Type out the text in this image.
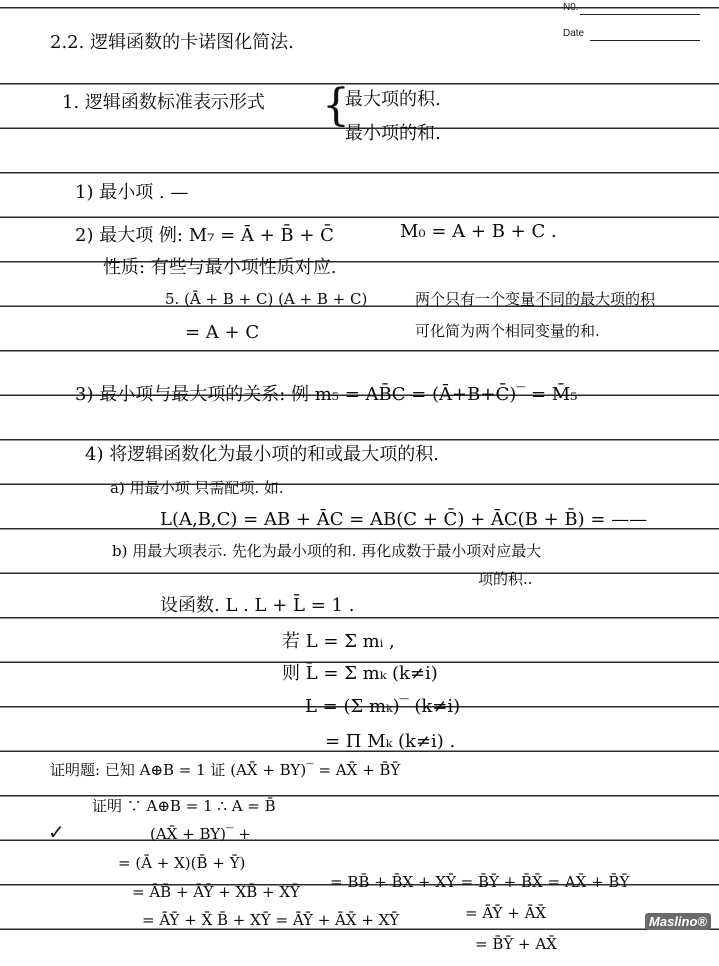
N0.
Date
2.2. 逻辑函数的卡诺图化简法.
1. 逻辑函数标准表示形式 {
最大项的积.
最小项的和.
1) 最小项 . —
2) 最大项 例: M₇ = Ā + B̄ + C̄	M₀ = A + B + C .
性质: 有些与最小项性质对应.
5. (Ā + B + C) (A + B + C)
= A + C
两个只有一个变量不同的最大项的积
可化简为两个相同变量的和.
3) 最小项与最大项的关系: 例 m₅ = AB̄C = (Ā+B+C̄)‾ = M̄₅
4) 将逻辑函数化为最小项的和或最大项的积.
a) 用最小项 只需配项. 如.
L(A,B,C) = AB + ĀC = AB(C + C̄) + ĀC(B + B̄) = ——
b) 用最大项表示. 先化为最小项的和. 再化成数于最小项对应最大
项的积..
设函数. L . L + L̄ = 1 .
若 L = Σ mᵢ ,
则 L̄ = Σ mₖ (k≠i)
L = (Σ mₖ)‾ (k≠i)
= Π Mₖ (k≠i) .
证明题: 已知 A⊕B = 1 证 (AX̄ + BY)‾ = AX̄ + B̄Ȳ
证明 ∵ A⊕B = 1 ∴ A = B̄
✓	(AX̄ + BY)‾ +
= (Ā + X)(B̄ + Ȳ)
= ĀB̄ + ĀȲ + XB̄ + XȲ
= BB̄ + B̄X + XȲ = B̄Ȳ + B̄X̄ = AX̄ + B̄Ȳ
= ĀȲ + X̄ B̄ + XȲ = ĀȲ + ĀX̄ + XȲ	= ĀȲ + ĀX̄
= B̄Ȳ + AX̄
Maslino®
